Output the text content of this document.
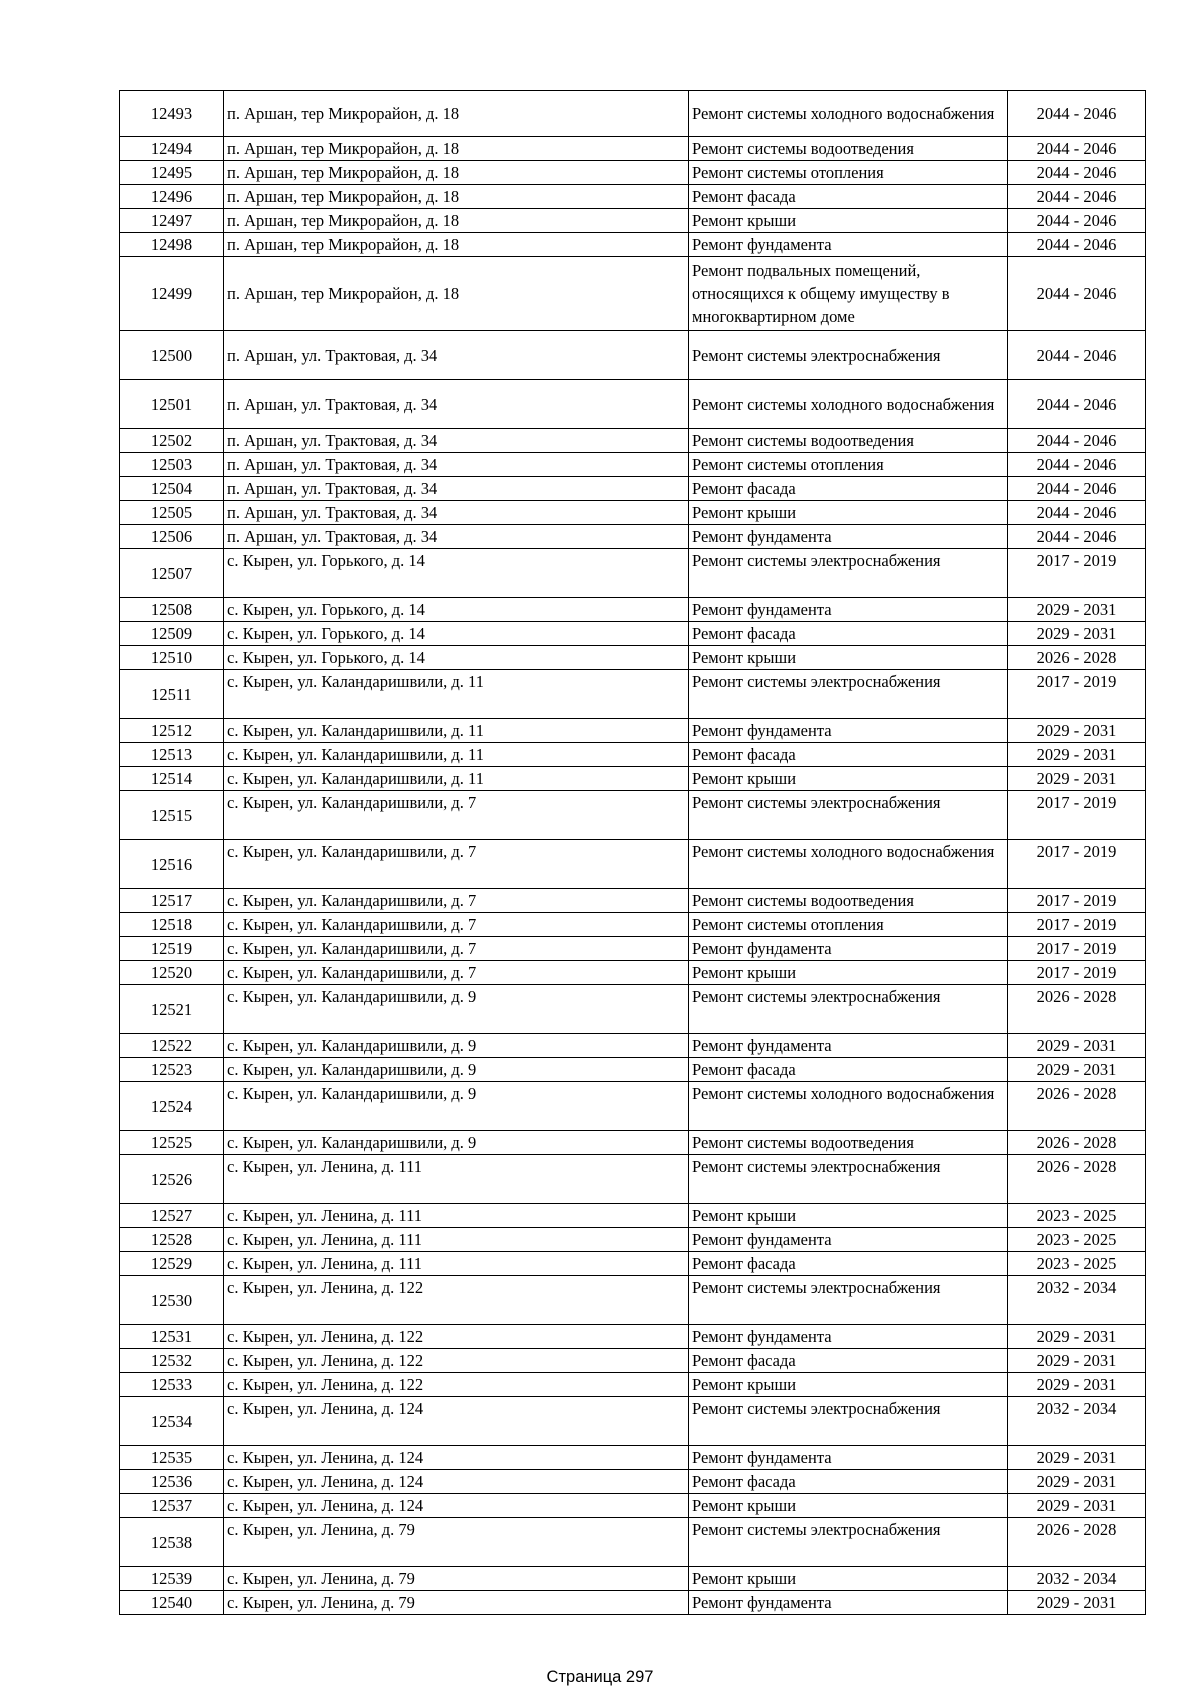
12493	п. Аршан, тер Микрорайон, д. 18	Ремонт системы холодного водоснабжения	2044 - 2046
12494	п. Аршан, тер Микрорайон, д. 18	Ремонт системы водоотведения	2044 - 2046
12495	п. Аршан, тер Микрорайон, д. 18	Ремонт системы отопления	2044 - 2046
12496	п. Аршан, тер Микрорайон, д. 18	Ремонт фасада	2044 - 2046
12497	п. Аршан, тер Микрорайон, д. 18	Ремонт крыши	2044 - 2046
12498	п. Аршан, тер Микрорайон, д. 18	Ремонт фундамента	2044 - 2046
12499	п. Аршан, тер Микрорайон, д. 18	Ремонт подвальных помещений, относящихся к общему имуществу в многоквартирном доме	2044 - 2046
12500	п. Аршан, ул. Трактовая, д. 34	Ремонт системы электроснабжения	2044 - 2046
12501	п. Аршан, ул. Трактовая, д. 34	Ремонт системы холодного водоснабжения	2044 - 2046
12502	п. Аршан, ул. Трактовая, д. 34	Ремонт системы водоотведения	2044 - 2046
12503	п. Аршан, ул. Трактовая, д. 34	Ремонт системы отопления	2044 - 2046
12504	п. Аршан, ул. Трактовая, д. 34	Ремонт фасада	2044 - 2046
12505	п. Аршан, ул. Трактовая, д. 34	Ремонт крыши	2044 - 2046
12506	п. Аршан, ул. Трактовая, д. 34	Ремонт фундамента	2044 - 2046
12507	с. Кырен, ул. Горького, д. 14	Ремонт системы электроснабжения	2017 - 2019
12508	с. Кырен, ул. Горького, д. 14	Ремонт фундамента	2029 - 2031
12509	с. Кырен, ул. Горького, д. 14	Ремонт фасада	2029 - 2031
12510	с. Кырен, ул. Горького, д. 14	Ремонт крыши	2026 - 2028
12511	с. Кырен, ул. Каландаришвили, д. 11	Ремонт системы электроснабжения	2017 - 2019
12512	с. Кырен, ул. Каландаришвили, д. 11	Ремонт фундамента	2029 - 2031
12513	с. Кырен, ул. Каландаришвили, д. 11	Ремонт фасада	2029 - 2031
12514	с. Кырен, ул. Каландаришвили, д. 11	Ремонт крыши	2029 - 2031
12515	с. Кырен, ул. Каландаришвили, д. 7	Ремонт системы электроснабжения	2017 - 2019
12516	с. Кырен, ул. Каландаришвили, д. 7	Ремонт системы холодного водоснабжения	2017 - 2019
12517	с. Кырен, ул. Каландаришвили, д. 7	Ремонт системы водоотведения	2017 - 2019
12518	с. Кырен, ул. Каландаришвили, д. 7	Ремонт системы отопления	2017 - 2019
12519	с. Кырен, ул. Каландаришвили, д. 7	Ремонт фундамента	2017 - 2019
12520	с. Кырен, ул. Каландаришвили, д. 7	Ремонт крыши	2017 - 2019
12521	с. Кырен, ул. Каландаришвили, д. 9	Ремонт системы электроснабжения	2026 - 2028
12522	с. Кырен, ул. Каландаришвили, д. 9	Ремонт фундамента	2029 - 2031
12523	с. Кырен, ул. Каландаришвили, д. 9	Ремонт фасада	2029 - 2031
12524	с. Кырен, ул. Каландаришвили, д. 9	Ремонт системы холодного водоснабжения	2026 - 2028
12525	с. Кырен, ул. Каландаришвили, д. 9	Ремонт системы водоотведения	2026 - 2028
12526	с. Кырен, ул. Ленина, д. 111	Ремонт системы электроснабжения	2026 - 2028
12527	с. Кырен, ул. Ленина, д. 111	Ремонт крыши	2023 - 2025
12528	с. Кырен, ул. Ленина, д. 111	Ремонт фундамента	2023 - 2025
12529	с. Кырен, ул. Ленина, д. 111	Ремонт фасада	2023 - 2025
12530	с. Кырен, ул. Ленина, д. 122	Ремонт системы электроснабжения	2032 - 2034
12531	с. Кырен, ул. Ленина, д. 122	Ремонт фундамента	2029 - 2031
12532	с. Кырен, ул. Ленина, д. 122	Ремонт фасада	2029 - 2031
12533	с. Кырен, ул. Ленина, д. 122	Ремонт крыши	2029 - 2031
12534	с. Кырен, ул. Ленина, д. 124	Ремонт системы электроснабжения	2032 - 2034
12535	с. Кырен, ул. Ленина, д. 124	Ремонт фундамента	2029 - 2031
12536	с. Кырен, ул. Ленина, д. 124	Ремонт фасада	2029 - 2031
12537	с. Кырен, ул. Ленина, д. 124	Ремонт крыши	2029 - 2031
12538	с. Кырен, ул. Ленина, д. 79	Ремонт системы электроснабжения	2026 - 2028
12539	с. Кырен, ул. Ленина, д. 79	Ремонт крыши	2032 - 2034
12540	с. Кырен, ул. Ленина, д. 79	Ремонт фундамента	2029 - 2031
Страница 297
